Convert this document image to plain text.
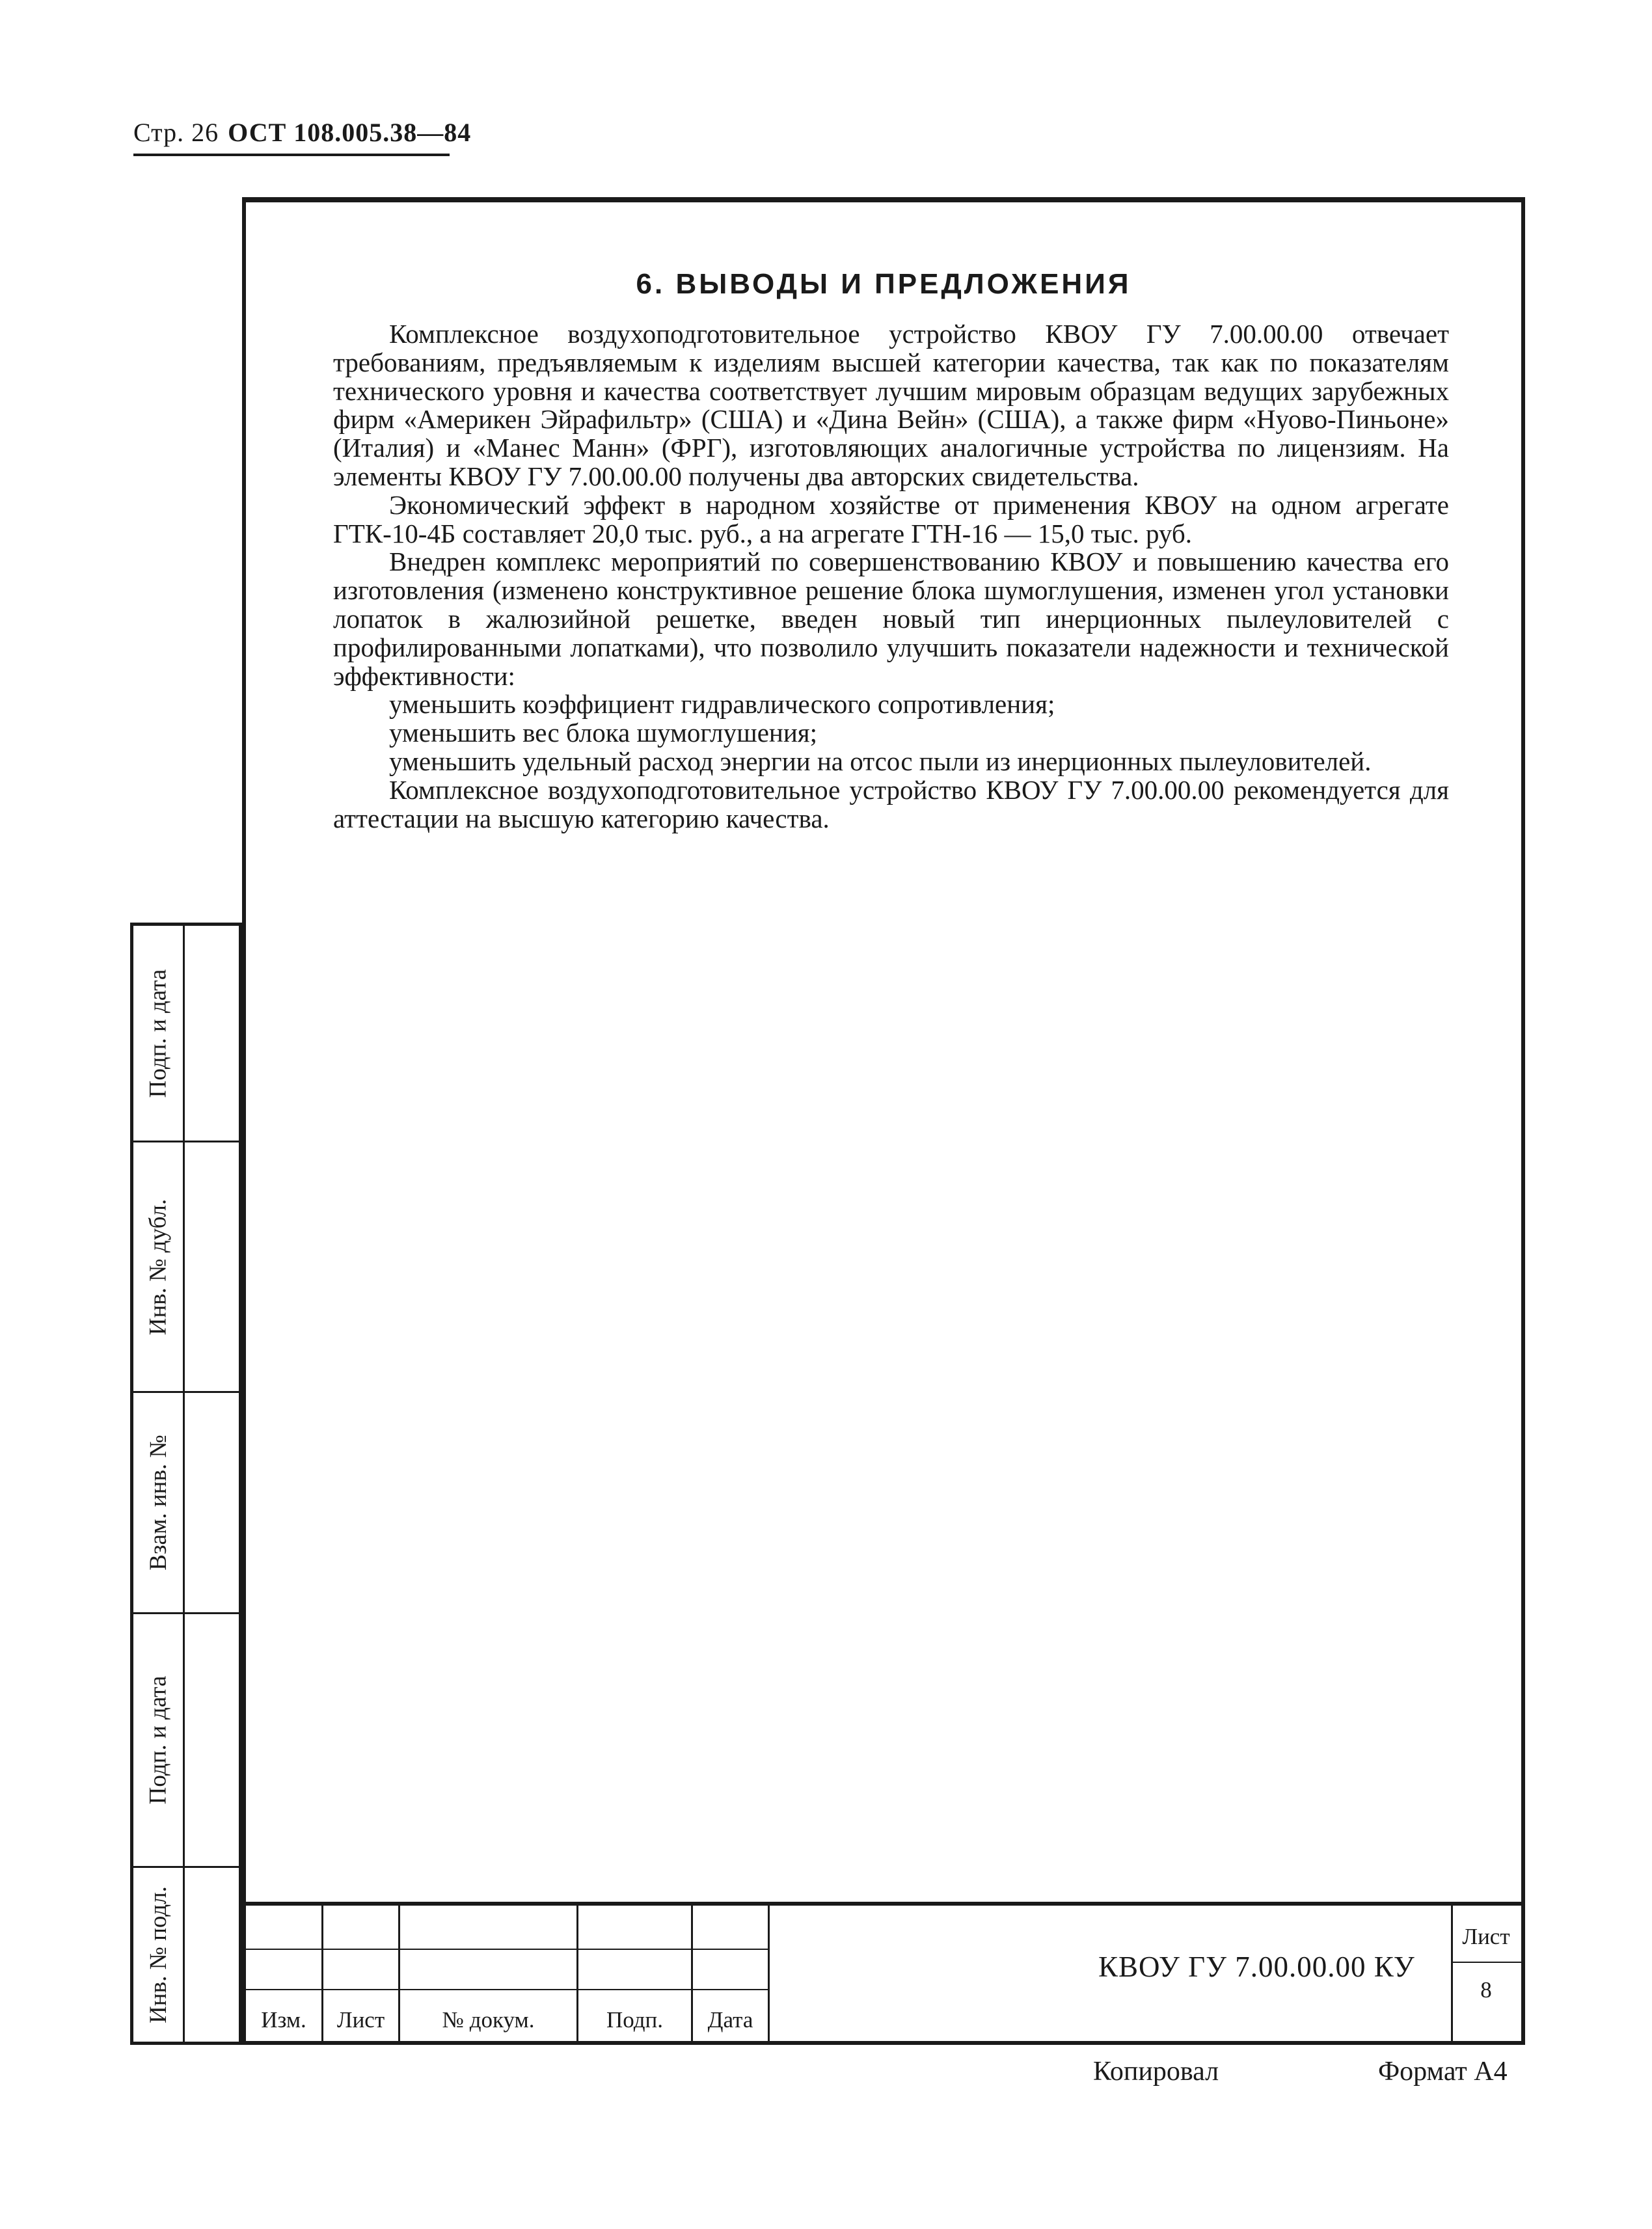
Стр. 26 ОСТ 108.005.38—84
6. ВЫВОДЫ И ПРЕДЛОЖЕНИЯ

Комплексное воздухоподготовительное устройство КВОУ ГУ 7.00.00.00 отвечает требованиям, предъявляемым к изделиям высшей категории качества, так как по показателям технического уровня и качества соответствует лучшим мировым образцам ведущих зарубежных фирм «Америкен Эйрафильтр» (США) и «Дина Вейн» (США), а также фирм «Нуово-Пиньоне» (Италия) и «Манес Манн» (ФРГ), изготовляющих аналогичные устройства по лицензиям. На элементы КВОУ ГУ 7.00.00.00 получены два авторских свидетельства.

Экономический эффект в народном хозяйстве от применения КВОУ на одном агрегате ГТК-10-4Б составляет 20,0 тыс. руб., а на агрегате ГТН-16 — 15,0 тыс. руб.

Внедрен комплекс мероприятий по совершенствованию КВОУ и повышению качества его изготовления (изменено конструктивное решение блока шумоглушения, изменен угол установки лопаток в жалюзийной решетке, введен новый тип инерционных пылеуловителей с профилированными лопатками), что позволило улучшить показатели надежности и технической эффективности:

уменьшить коэффициент гидравлического сопротивления;

уменьшить вес блока шумоглушения;

уменьшить удельный расход энергии на отсос пыли из инерционных пылеуловителей.

Комплексное воздухоподготовительное устройство КВОУ ГУ 7.00.00.00 рекомендуется для аттестации на высшую категорию качества.

Подп. и дата
Инв. № дубл.
Взам. инв. №
Подп. и дата
Инв. № подл.	Изм.	Лист	№ докум.	Подп.	Дата
КВОУ ГУ 7.00.00.00 КУ
Лист
8
Копировал	Формат А4
